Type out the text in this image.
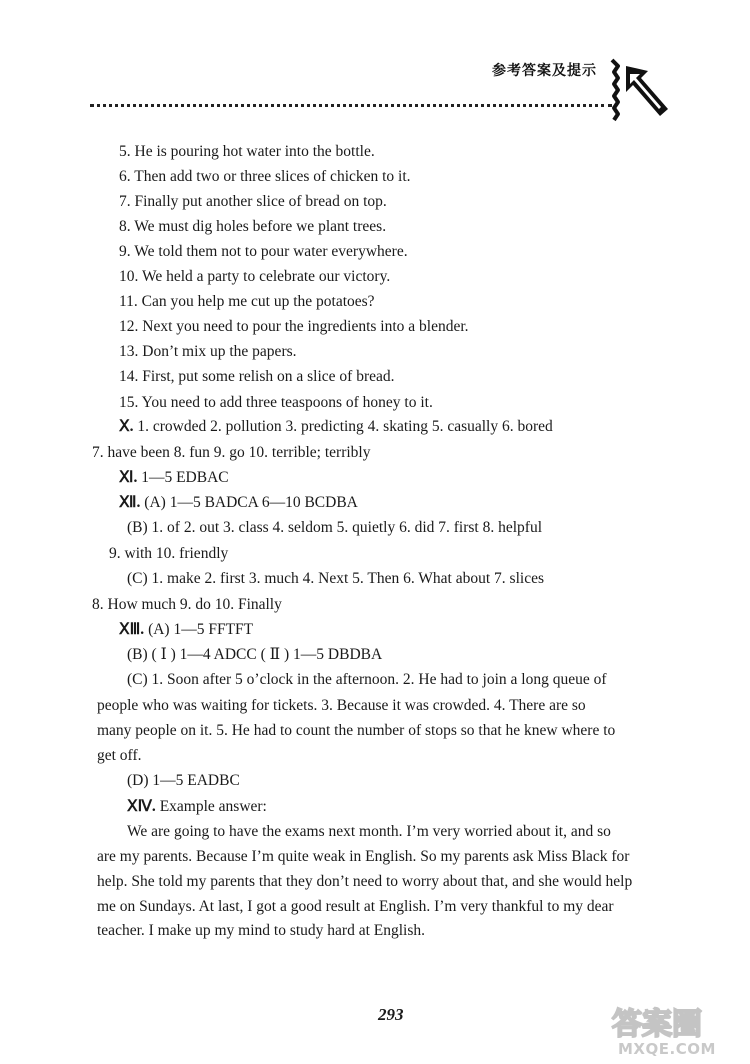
参考答案及提示
5. He is pouring hot water into the bottle.
6. Then add two or three slices of chicken to it.
7. Finally put another slice of bread on top.
8. We must dig holes before we plant trees.
9. We told them not to pour water everywhere.
10. We held a party to celebrate our victory.
11. Can you help me cut up the potatoes?
12. Next you need to pour the ingredients into a blender.
13. Don’t mix up the papers.
14. First, put some relish on a slice of bread.
15. You need to add three teaspoons of honey to it.
Ⅹ. 1. crowded 2. pollution 3. predicting 4. skating 5. casually 6. bored
7. have been 8. fun 9. go 10. terrible; terribly
Ⅺ. 1—5 EDBAC
Ⅻ. (A) 1—5 BADCA 6—10 BCDBA
(B) 1. of 2. out 3. class 4. seldom 5. quietly 6. did 7. first 8. helpful
9. with 10. friendly
(C) 1. make 2. first 3. much 4. Next 5. Then 6. What about 7. slices
8. How much 9. do 10. Finally
ⅩⅢ. (A) 1—5 FFTFT
(B) ( Ⅰ ) 1—4 ADCC ( Ⅱ ) 1—5 DBDBA
(C) 1. Soon after 5 o’clock in the afternoon. 2. He had to join a long queue of
people who was waiting for tickets. 3. Because it was crowded. 4. There are so
many people on it. 5. He had to count the number of stops so that he knew where to
get off.
(D) 1—5 EADBC
ⅩⅣ. Example answer:
We are going to have the exams next month. I’m very worried about it, and so
are my parents. Because I’m quite weak in English. So my parents ask Miss Black for
help. She told my parents that they don’t need to worry about that, and she would help
me on Sundays. At last, I got a good result at English. I’m very thankful to my dear
teacher. I make up my mind to study hard at English.
293	答案圈
MXQE.COM
